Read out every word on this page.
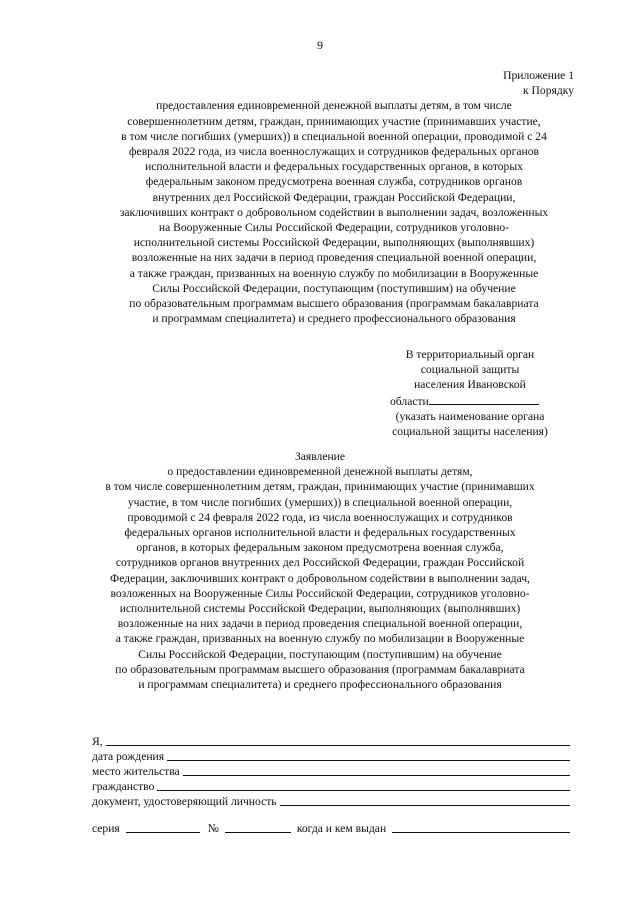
9
Приложение 1
к Порядку
предоставления единовременной денежной выплаты детям, в том числе
совершеннолетним детям, граждан, принимающих участие (принимавших участие,
в том числе погибших (умерших)) в специальной военной операции, проводимой с 24
февраля 2022 года, из числа военнослужащих и сотрудников федеральных органов
исполнительной власти и федеральных государственных органов, в которых
федеральным законом предусмотрена военная служба, сотрудников органов
внутренних дел Российской Федерации, граждан Российской Федерации,
заключивших контракт о добровольном содействии в выполнении задач, возложенных
на Вооруженные Силы Российской Федерации, сотрудников уголовно-
исполнительной системы Российской Федерации, выполняющих (выполнявших)
возложенные на них задачи в период проведения специальной военной операции,
а также граждан, призванных на военную службу по мобилизации в Вооруженные
Силы Российской Федерации, поступающим (поступившим) на обучение
по образовательным программам высшего образования (программам бакалавриата
и программам специалитета) и среднего профессионального образования
В территориальный орган
социальной защиты
населения Ивановской
области
(указать наименование органа
социальной защиты населения)
Заявление
о предоставлении единовременной денежной выплаты детям,
в том числе совершеннолетним детям, граждан, принимающих участие (принимавших
участие, в том числе погибших (умерших)) в специальной военной операции,
проводимой с 24 февраля 2022 года, из числа военнослужащих и сотрудников
федеральных органов исполнительной власти и федеральных государственных
органов, в которых федеральным законом предусмотрена военная служба,
сотрудников органов внутренних дел Российской Федерации, граждан Российской
Федерации, заключивших контракт о добровольном содействии в выполнении задач,
возложенных на Вооруженные Силы Российской Федерации, сотрудников уголовно-
исполнительной системы Российской Федерации, выполняющих (выполнявших)
возложенные на них задачи в период проведения специальной военной операции,
а также граждан, призванных на военную службу по мобилизации в Вооруженные
Силы Российской Федерации, поступающим (поступившим) на обучение
по образовательным программам высшего образования (программам бакалавриата
и программам специалитета) и среднего профессионального образования
Я,
дата рождения
место жительства
гражданство
документ, удостоверяющий личность
серия	№	когда и кем выдан
